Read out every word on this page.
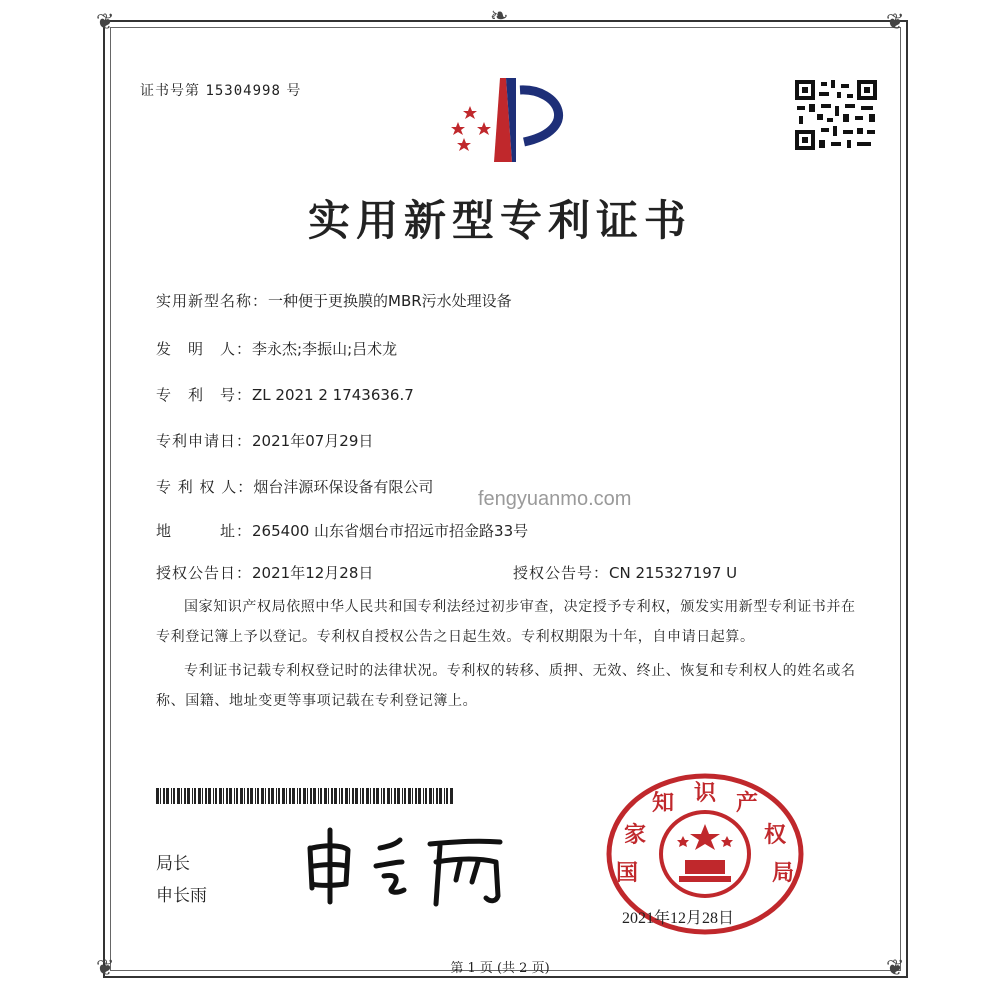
❦	❦
❦	❦
❧
证书号第 15304998 号
实用新型专利证书
实用新型名称：一种便于更换膜的MBR污水处理设备
发　明　人：李永杰;李振山;吕术龙
专　利　号：ZL 2021 2 1743636.7
专利申请日：2021年07月29日
专 利 权 人：烟台沣源环保设备有限公司
地　　　址：265400 山东省烟台市招远市招金路33号
fengyuanmo.com
授权公告日：2021年12月28日	授权公告号：CN 215327197 U
国家知识产权局依照中华人民共和国专利法经过初步审查，决定授予专利权，颁发实用新型专利证书并在专利登记簿上予以登记。专利权自授权公告之日起生效。专利权期限为十年，自申请日起算。
专利证书记载专利权登记时的法律状况。专利权的转移、质押、无效、终止、恢复和专利权人的姓名或名称、国籍、地址变更等事项记载在专利登记簿上。
局长
申长雨
国
家
知 识 产
权
局
2021年12月28日
第 1 页 (共 2 页)
